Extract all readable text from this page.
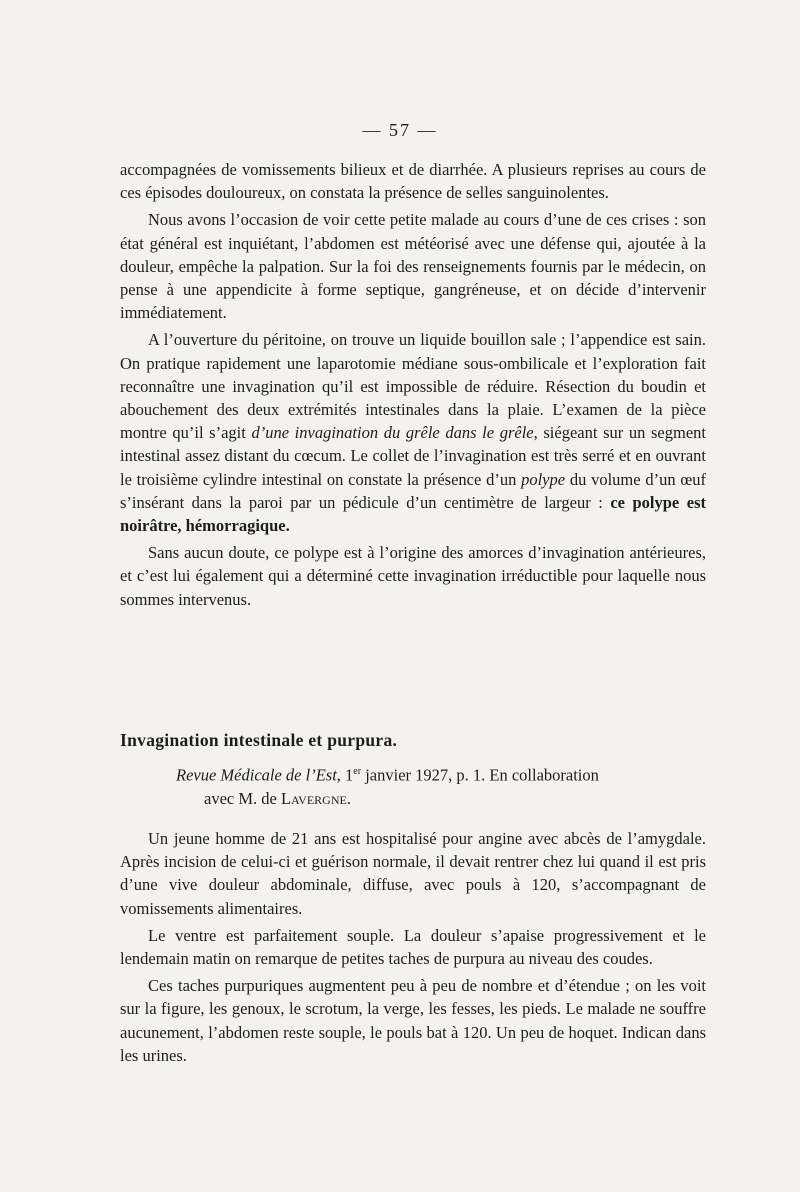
— 57 —

accompagnées de vomissements bilieux et de diarrhée. A plusieurs reprises au cours de ces épisodes douloureux, on constata la présence de selles sanguinolentes.

Nous avons l’occasion de voir cette petite malade au cours d’une de ces crises : son état général est inquiétant, l’abdomen est météorisé avec une défense qui, ajoutée à la douleur, empêche la palpation. Sur la foi des renseignements fournis par le médecin, on pense à une appendicite à forme septique, gangréneuse, et on décide d’intervenir immédiatement.

A l’ouverture du péritoine, on trouve un liquide bouillon sale ; l’appendice est sain. On pratique rapidement une laparotomie médiane sous-ombilicale et l’exploration fait reconnaître une invagination qu’il est impossible de réduire. Résection du boudin et abouchement des deux extrémités intestinales dans la plaie. L’examen de la pièce montre qu’il s’agit d’une invagination du grêle dans le grêle, siégeant sur un segment intestinal assez distant du cœcum. Le collet de l’invagination est très serré et en ouvrant le troisième cylindre intestinal on constate la présence d’un polype du volume d’un œuf s’insérant dans la paroi par un pédicule d’un centimètre de largeur : ce polype est noirâtre, hémorragique.

Sans aucun doute, ce polype est à l’origine des amorces d’invagination antérieures, et c’est lui également qui a déterminé cette invagination irréductible pour laquelle nous sommes intervenus.

Invagination intestinale et purpura.
Revue Médicale de l’Est, 1er janvier 1927, p. 1. En collaboration
avec M. de Lavergne.

Un jeune homme de 21 ans est hospitalisé pour angine avec abcès de l’amygdale. Après incision de celui-ci et guérison normale, il devait rentrer chez lui quand il est pris d’une vive douleur abdominale, diffuse, avec pouls à 120, s’accompagnant de vomissements alimentaires.

Le ventre est parfaitement souple. La douleur s’apaise progressivement et le lendemain matin on remarque de petites taches de purpura au niveau des coudes.

Ces taches purpuriques augmentent peu à peu de nombre et d’étendue ; on les voit sur la figure, les genoux, le scrotum, la verge, les fesses, les pieds. Le malade ne souffre aucunement, l’abdomen reste souple, le pouls bat à 120. Un peu de hoquet. Indican dans les urines.
